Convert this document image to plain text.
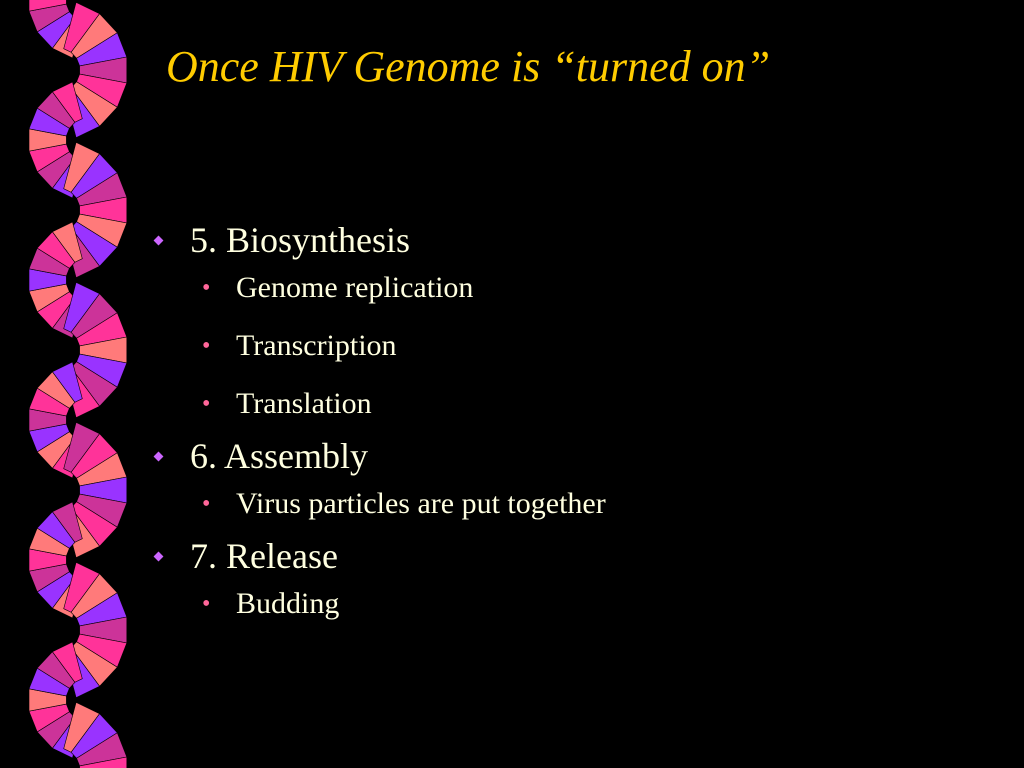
Once HIV Genome is “turned on”
5. Biosynthesis
• Genome replication
• Transcription
• Translation
6. Assembly
• Virus particles are put together
7. Release
• Budding
